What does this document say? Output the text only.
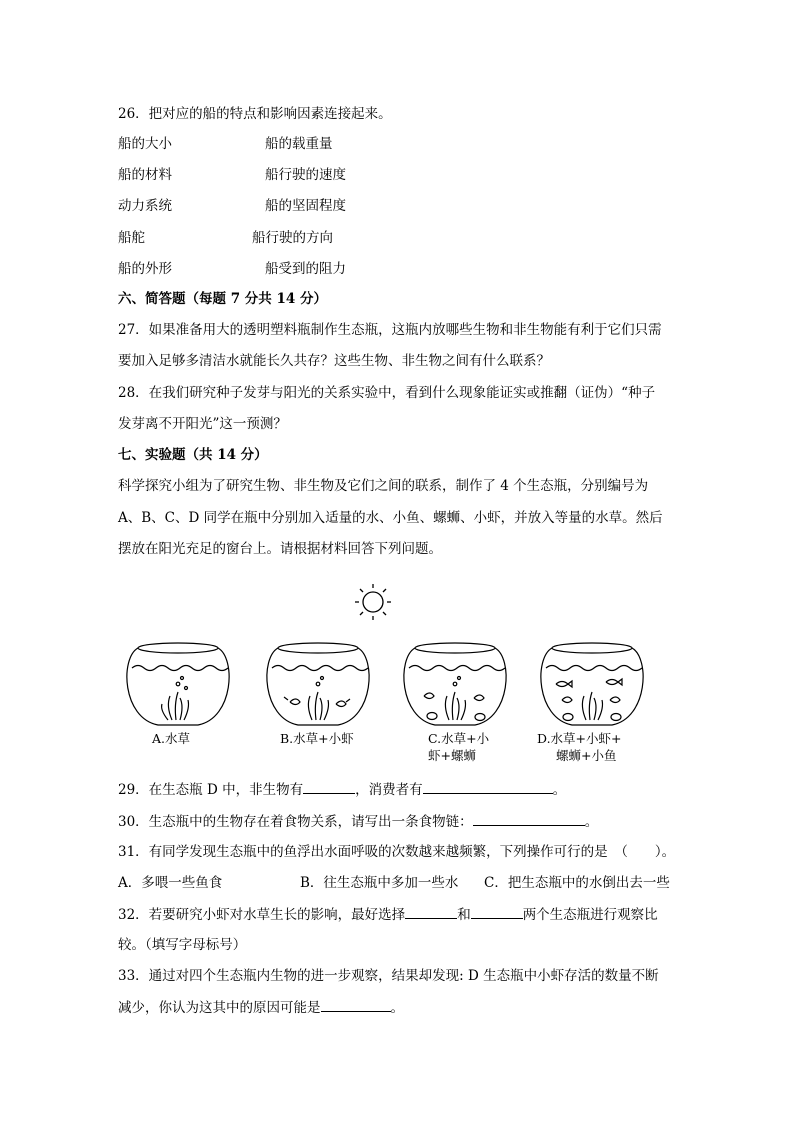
26．把对应的船的特点和影响因素连接起来。
船的大小	船的载重量
船的材料	船行驶的速度
动力系统	船的坚固程度
船舵	船行驶的方向
船的外形	船受到的阻力
六、简答题（每题 7 分共 14 分）
27．如果准备用大的透明塑料瓶制作生态瓶，这瓶内放哪些生物和非生物能有利于它们只需
要加入足够多清洁水就能长久共存？这些生物、非生物之间有什么联系？
28．在我们研究种子发芽与阳光的关系实验中，看到什么现象能证实或推翻（证伪）“种子
发芽离不开阳光”这一预测？
七、实验题（共 14 分）
科学探究小组为了研究生物、非生物及它们之间的联系，制作了 4 个生态瓶，分别编号为
A、B、C、D 同学在瓶中分别加入适量的水、小鱼、螺蛳、小虾，并放入等量的水草。然后
摆放在阳光充足的窗台上。请根据材料回答下列问题。
A.水草	B.水草+小虾	C.水草+小
虾+螺蛳
D.水草+小虾+
螺蛳+小鱼
29．在生态瓶 D 中，非生物有	，消费者有	。
30．生态瓶中的生物存在着食物关系，请写出一条食物链：	。
31．有同学发现生态瓶中的鱼浮出水面呼吸的次数越来越频繁，下列操作可行的是　（　　）。
A．多喂一些鱼食	B．往生态瓶中多加一些水 C．把生态瓶中的水倒出去一些
32．若要研究小虾对水草生长的影响，最好选择	和	两个生态瓶进行观察比
较。（填写字母标号）
33．通过对四个生态瓶内生物的进一步观察，结果却发现: D 生态瓶中小虾存活的数量不断
减少，你认为这其中的原因可能是	。
